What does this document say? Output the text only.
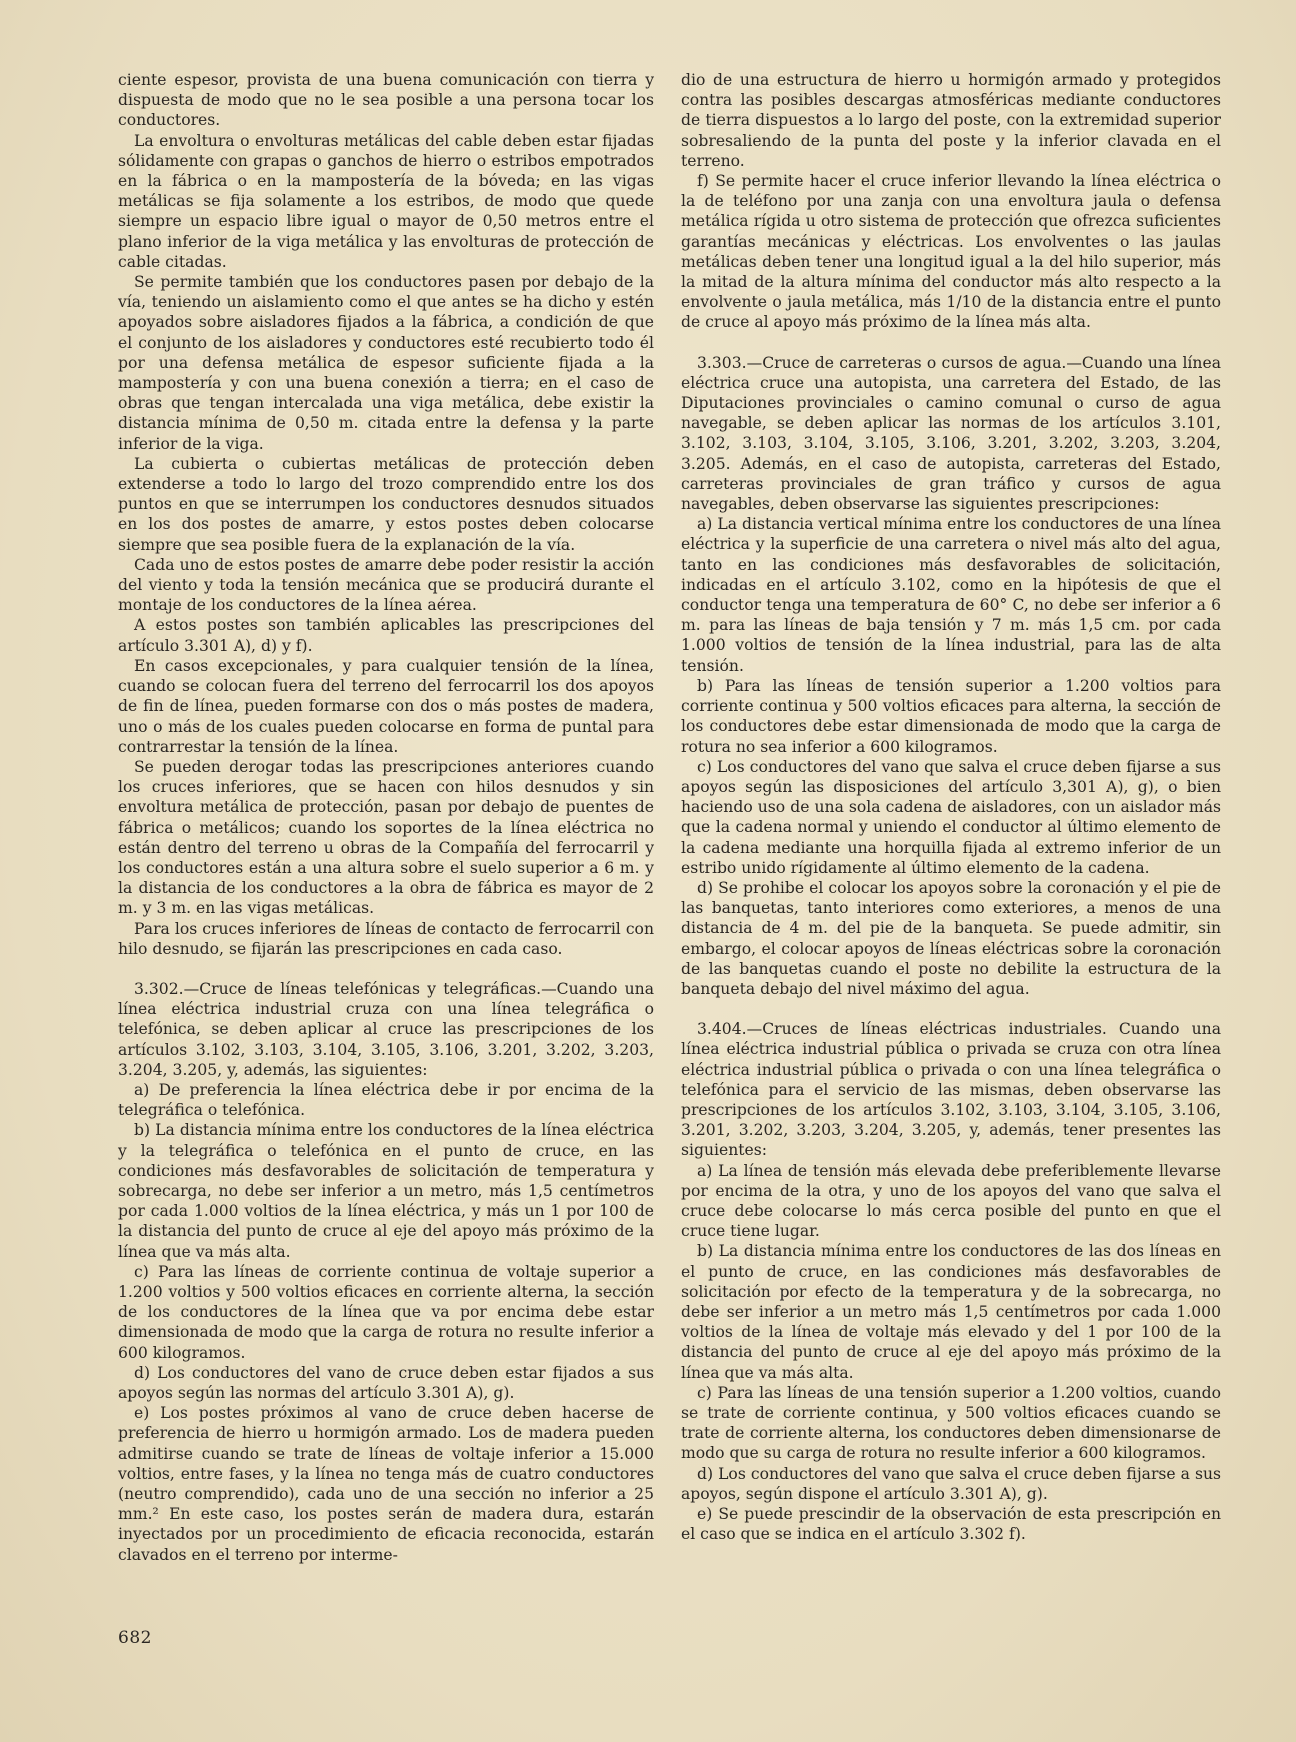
ciente espesor, provista de una buena comunicación con tierra y dispuesta de modo que no le sea posible a una persona tocar los conductores.

La envoltura o envolturas metálicas del cable deben estar fijadas sólidamente con grapas o ganchos de hierro o estribos empotrados en la fábrica o en la mampostería de la bóveda; en las vigas metálicas se fija solamente a los estribos, de modo que quede siempre un espacio libre igual o mayor de 0,50 metros entre el plano inferior de la viga metálica y las envolturas de protección de cable citadas.

Se permite también que los conductores pasen por debajo de la vía, teniendo un aislamiento como el que antes se ha dicho y estén apoyados sobre aisladores fijados a la fábrica, a condición de que el conjunto de los aisladores y conductores esté recubierto todo él por una defensa metálica de espesor suficiente fijada a la mampostería y con una buena conexión a tierra; en el caso de obras que tengan intercalada una viga metálica, debe existir la distancia mínima de 0,50 m. citada entre la defensa y la parte inferior de la viga.

La cubierta o cubiertas metálicas de protección deben extenderse a todo lo largo del trozo comprendido entre los dos puntos en que se interrumpen los conductores desnudos situados en los dos postes de amarre, y estos postes deben colocarse siempre que sea posible fuera de la explanación de la vía.

Cada uno de estos postes de amarre debe poder resistir la acción del viento y toda la tensión mecánica que se producirá durante el montaje de los conductores de la línea aérea.

A estos postes son también aplicables las prescripciones del artículo 3.301 A), d) y f).

En casos excepcionales, y para cualquier tensión de la línea, cuando se colocan fuera del terreno del ferrocarril los dos apoyos de fin de línea, pueden formarse con dos o más postes de madera, uno o más de los cuales pueden colocarse en forma de puntal para contrarrestar la tensión de la línea.

Se pueden derogar todas las prescripciones anteriores cuando los cruces inferiores, que se hacen con hilos desnudos y sin envoltura metálica de protección, pasan por debajo de puentes de fábrica o metálicos; cuando los soportes de la línea eléctrica no están dentro del terreno u obras de la Compañía del ferrocarril y los conductores están a una altura sobre el suelo superior a 6 m. y la distancia de los conductores a la obra de fábrica es mayor de 2 m. y 3 m. en las vigas metálicas.

Para los cruces inferiores de líneas de contacto de ferrocarril con hilo desnudo, se fijarán las prescripciones en cada caso.

3.302.—Cruce de líneas telefónicas y telegráficas.—Cuando una línea eléctrica industrial cruza con una línea telegráfica o telefónica, se deben aplicar al cruce las prescripciones de los artículos 3.102, 3.103, 3.104, 3.105, 3.106, 3.201, 3.202, 3.203, 3.204, 3.205, y, además, las siguientes:

a) De preferencia la línea eléctrica debe ir por encima de la telegráfica o telefónica.

b) La distancia mínima entre los conductores de la línea eléctrica y la telegráfica o telefónica en el punto de cruce, en las condiciones más desfavorables de solicitación de temperatura y sobrecarga, no debe ser inferior a un metro, más 1,5 centímetros por cada 1.000 voltios de la línea eléctrica, y más un 1 por 100 de la distancia del punto de cruce al eje del apoyo más próximo de la línea que va más alta.

c) Para las líneas de corriente continua de voltaje superior a 1.200 voltios y 500 voltios eficaces en corriente alterna, la sección de los conductores de la línea que va por encima debe estar dimensionada de modo que la carga de rotura no resulte inferior a 600 kilogramos.

d) Los conductores del vano de cruce deben estar fijados a sus apoyos según las normas del artículo 3.301 A), g).

e) Los postes próximos al vano de cruce deben hacerse de preferencia de hierro u hormigón armado. Los de madera pueden admitirse cuando se trate de líneas de voltaje inferior a 15.000 voltios, entre fases, y la línea no tenga más de cuatro conductores (neutro comprendido), cada uno de una sección no inferior a 25 mm.² En este caso, los postes serán de madera dura, estarán inyectados por un procedimiento de eficacia reconocida, estarán clavados en el terreno por interme-

dio de una estructura de hierro u hormigón armado y protegidos contra las posibles descargas atmosféricas mediante conductores de tierra dispuestos a lo largo del poste, con la extremidad superior sobresaliendo de la punta del poste y la inferior clavada en el terreno.

f) Se permite hacer el cruce inferior llevando la línea eléctrica o la de teléfono por una zanja con una envoltura jaula o defensa metálica rígida u otro sistema de protección que ofrezca suficientes garantías mecánicas y eléctricas. Los envolventes o las jaulas metálicas deben tener una longitud igual a la del hilo superior, más la mitad de la altura mínima del conductor más alto respecto a la envolvente o jaula metálica, más 1/10 de la distancia entre el punto de cruce al apoyo más próximo de la línea más alta.

3.303.—Cruce de carreteras o cursos de agua.—Cuando una línea eléctrica cruce una autopista, una carretera del Estado, de las Diputaciones provinciales o camino comunal o curso de agua navegable, se deben aplicar las normas de los artículos 3.101, 3.102, 3.103, 3.104, 3.105, 3.106, 3.201, 3.202, 3.203, 3.204, 3.205. Además, en el caso de autopista, carreteras del Estado, carreteras provinciales de gran tráfico y cursos de agua navegables, deben observarse las siguientes prescripciones:

a) La distancia vertical mínima entre los conductores de una línea eléctrica y la superficie de una carretera o nivel más alto del agua, tanto en las condiciones más desfavorables de solicitación, indicadas en el artículo 3.102, como en la hipótesis de que el conductor tenga una temperatura de 60° C, no debe ser inferior a 6 m. para las líneas de baja tensión y 7 m. más 1,5 cm. por cada 1.000 voltios de tensión de la línea industrial, para las de alta tensión.

b) Para las líneas de tensión superior a 1.200 voltios para corriente continua y 500 voltios eficaces para alterna, la sección de los conductores debe estar dimensionada de modo que la carga de rotura no sea inferior a 600 kilogramos.

c) Los conductores del vano que salva el cruce deben fijarse a sus apoyos según las disposiciones del artículo 3,301 A), g), o bien haciendo uso de una sola cadena de aisladores, con un aislador más que la cadena normal y uniendo el conductor al último elemento de la cadena mediante una horquilla fijada al extremo inferior de un estribo unido rígidamente al último elemento de la cadena.

d) Se prohibe el colocar los apoyos sobre la coronación y el pie de las banquetas, tanto interiores como exteriores, a menos de una distancia de 4 m. del pie de la banqueta. Se puede admitir, sin embargo, el colocar apoyos de líneas eléctricas sobre la coronación de las banquetas cuando el poste no debilite la estructura de la banqueta debajo del nivel máximo del agua.

3.404.—Cruces de líneas eléctricas industriales. Cuando una línea eléctrica industrial pública o privada se cruza con otra línea eléctrica industrial pública o privada o con una línea telegráfica o telefónica para el servicio de las mismas, deben observarse las prescripciones de los artículos 3.102, 3.103, 3.104, 3.105, 3.106, 3.201, 3.202, 3.203, 3.204, 3.205, y, además, tener presentes las siguientes:

a) La línea de tensión más elevada debe preferiblemente llevarse por encima de la otra, y uno de los apoyos del vano que salva el cruce debe colocarse lo más cerca posible del punto en que el cruce tiene lugar.

b) La distancia mínima entre los conductores de las dos líneas en el punto de cruce, en las condiciones más desfavorables de solicitación por efecto de la temperatura y de la sobrecarga, no debe ser inferior a un metro más 1,5 centímetros por cada 1.000 voltios de la línea de voltaje más elevado y del 1 por 100 de la distancia del punto de cruce al eje del apoyo más próximo de la línea que va más alta.

c) Para las líneas de una tensión superior a 1.200 voltios, cuando se trate de corriente continua, y 500 voltios eficaces cuando se trate de corriente alterna, los conductores deben dimensionarse de modo que su carga de rotura no resulte inferior a 600 kilogramos.

d) Los conductores del vano que salva el cruce deben fijarse a sus apoyos, según dispone el artículo 3.301 A), g).

e) Se puede prescindir de la observación de esta prescripción en el caso que se indica en el artículo 3.302 f).

682
